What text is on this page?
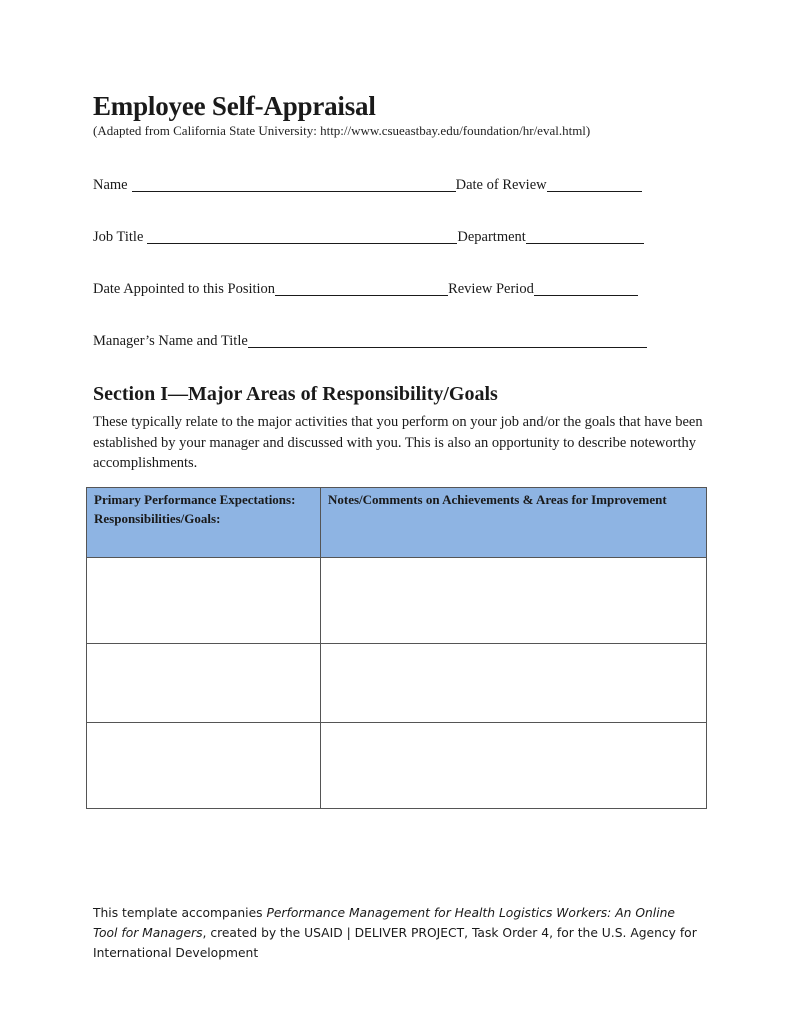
Employee Self-Appraisal
(Adapted from California State University: http://www.csueastbay.edu/foundation/hr/eval.html)
Name	Date of Review
Job Title	Department
Date Appointed to this Position	Review Period
Manager’s Name and Title
Section I—Major Areas of Responsibility/Goals

These typically relate to the major activities that you perform on your job and/or the goals that have been established by your manager and discussed with you. This is also an opportunity to describe noteworthy accomplishments.

Primary Performance Expectations:
Responsibilities/Goals:	Notes/Comments on Achievements & Areas for Improvement

This template accompanies Performance Management for Health Logistics Workers: An Online Tool for Managers, created by the USAID | DELIVER PROJECT, Task Order 4, for the U.S. Agency for International Development
